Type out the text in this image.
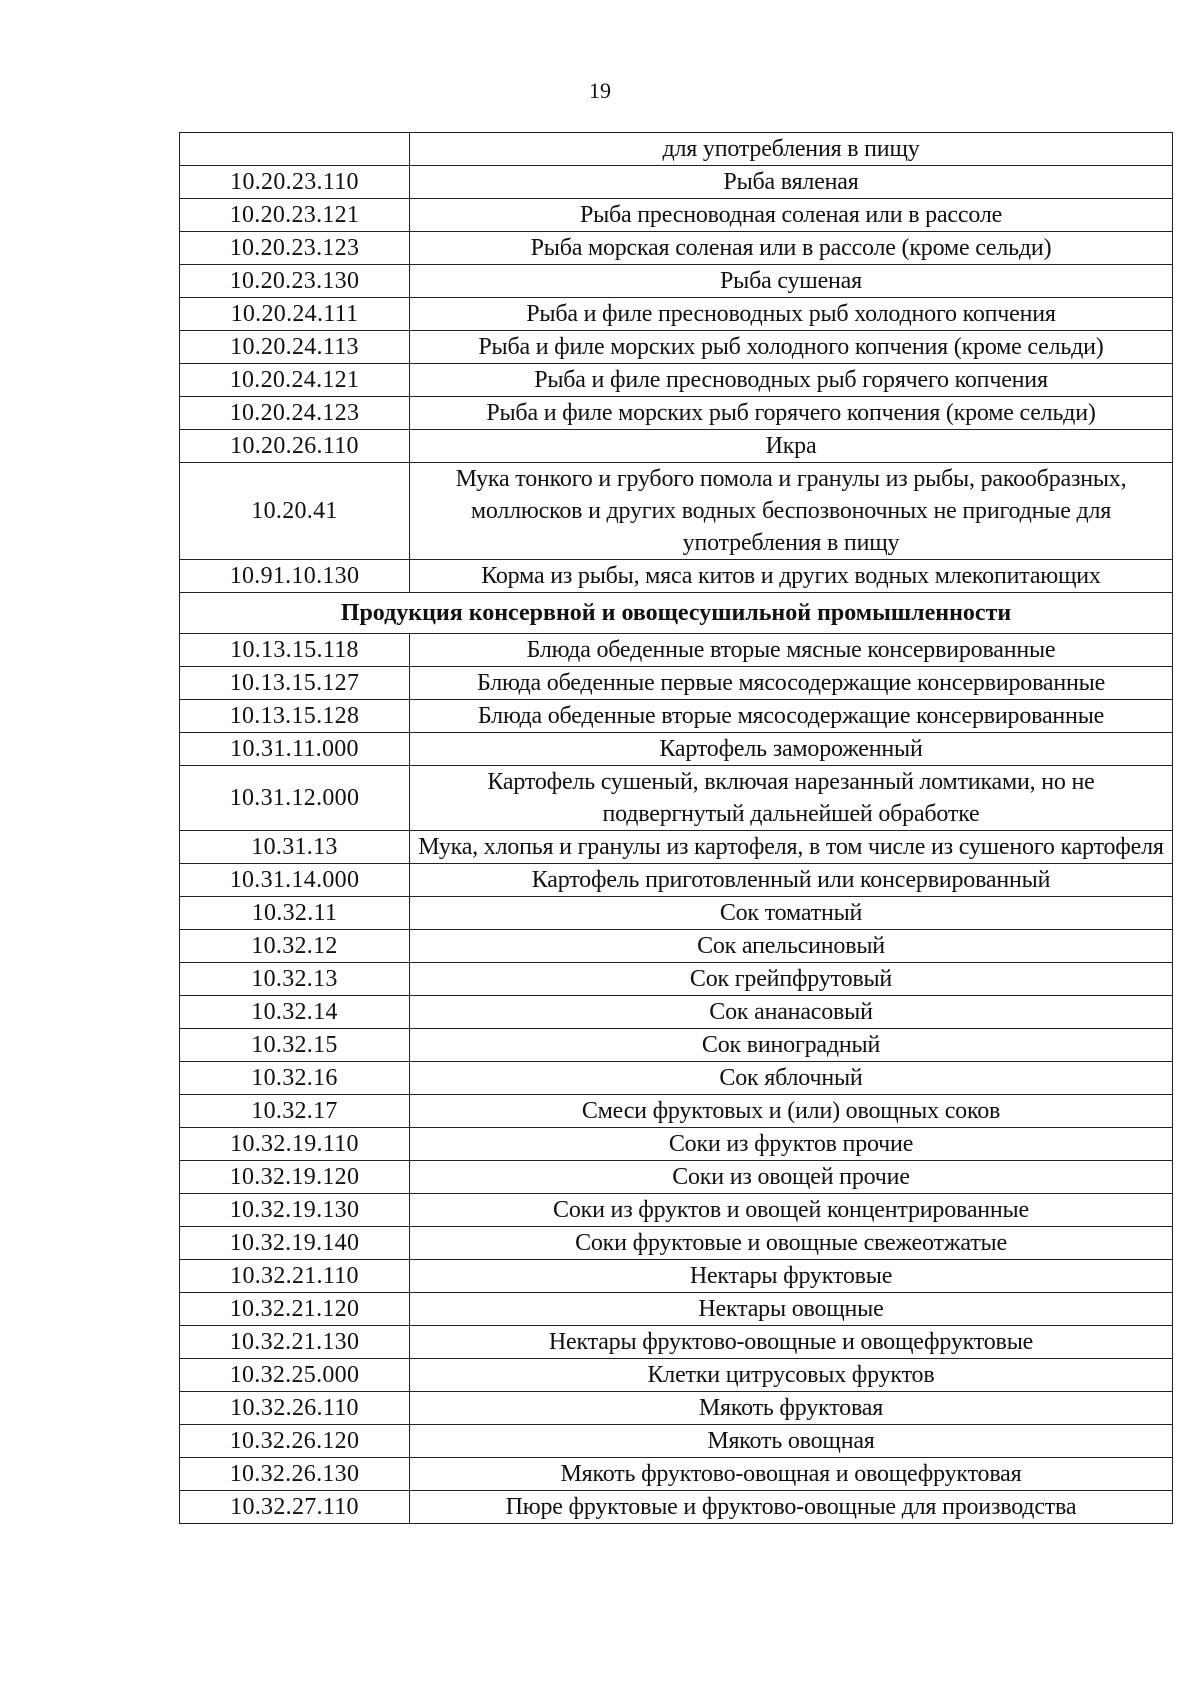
19
	для употребления в пищу
10.20.23.110	Рыба вяленая
10.20.23.121	Рыба пресноводная соленая или в рассоле
10.20.23.123	Рыба морская соленая или в рассоле (кроме сельди)
10.20.23.130	Рыба сушеная
10.20.24.111	Рыба и филе пресноводных рыб холодного копчения
10.20.24.113	Рыба и филе морских рыб холодного копчения (кроме сельди)
10.20.24.121	Рыба и филе пресноводных рыб горячего копчения
10.20.24.123	Рыба и филе морских рыб горячего копчения (кроме сельди)
10.20.26.110	Икра
10.20.41	Мука тонкого и грубого помола и гранулы из рыбы, ракообразных, моллюсков и других водных беспозвоночных не пригодные для употребления в пищу
10.91.10.130	Корма из рыбы, мяса китов и других водных млекопитающих
Продукция консервной и овощесушильной промышленности	
10.13.15.118	Блюда обеденные вторые мясные консервированные
10.13.15.127	Блюда обеденные первые мясосодержащие консервированные
10.13.15.128	Блюда обеденные вторые мясосодержащие консервированные
10.31.11.000	Картофель замороженный
10.31.12.000	Картофель сушеный, включая нарезанный ломтиками, но не подвергнутый дальнейшей обработке
10.31.13	Мука, хлопья и гранулы из картофеля, в том числе из сушеного картофеля
10.31.14.000	Картофель приготовленный или консервированный
10.32.11	Сок томатный
10.32.12	Сок апельсиновый
10.32.13	Сок грейпфрутовый
10.32.14	Сок ананасовый
10.32.15	Сок виноградный
10.32.16	Сок яблочный
10.32.17	Смеси фруктовых и (или) овощных соков
10.32.19.110	Соки из фруктов прочие
10.32.19.120	Соки из овощей прочие
10.32.19.130	Соки из фруктов и овощей концентрированные
10.32.19.140	Соки фруктовые и овощные свежеотжатые
10.32.21.110	Нектары фруктовые
10.32.21.120	Нектары овощные
10.32.21.130	Нектары фруктово-овощные и овощефруктовые
10.32.25.000	Клетки цитрусовых фруктов
10.32.26.110	Мякоть фруктовая
10.32.26.120	Мякоть овощная
10.32.26.130	Мякоть фруктово-овощная и овощефруктовая
10.32.27.110	Пюре фруктовые и фруктово-овощные для производства
